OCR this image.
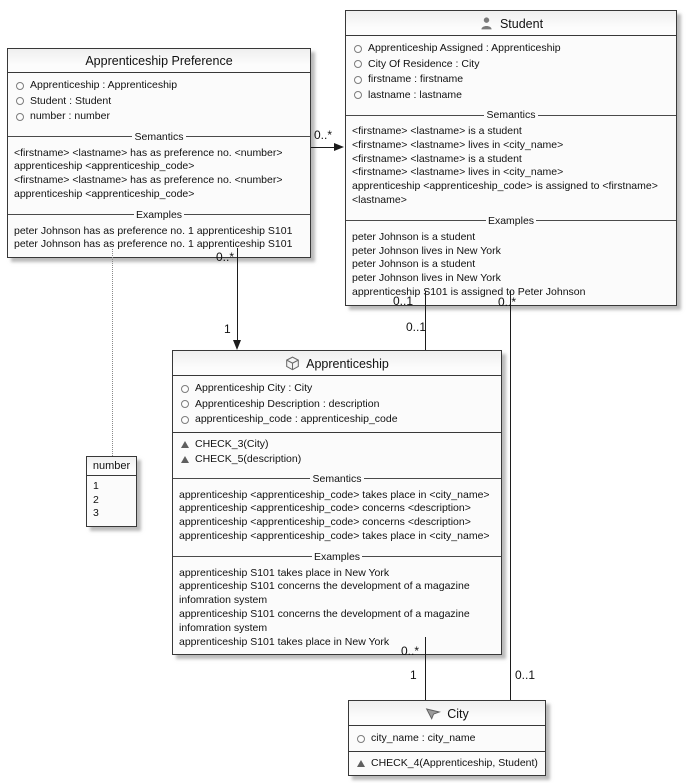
Apprenticeship Preference
Apprenticeship : Apprenticeship
Student : Student
number : number
Semantics
<firstname> <lastname> has as preference no. <number> apprenticeship <apprenticeship_code>
<firstname> <lastname> has as preference no. <number> apprenticeship <apprenticeship_code>
Examples
peter Johnson has as preference no. 1 apprenticeship S101
peter Johnson has as preference no. 1 apprenticeship S101
Student
Apprenticeship Assigned : Apprenticeship
City Of Residence : City
firstname : firstname
lastname : lastname
Semantics
<firstname> <lastname> is a student
<firstname> <lastname> lives in <city_name>
<firstname> <lastname> is a student
<firstname> <lastname> lives in <city_name>
apprenticeship <apprenticeship_code> is assigned to <firstname> <lastname>
Examples
peter Johnson is a student
peter Johnson lives in New York
peter Johnson is a student
peter Johnson lives in New York
apprenticeship S101 is assigned to Peter Johnson
Apprenticeship
Apprenticeship City : City
Apprenticeship Description : description
apprenticeship_code : apprenticeship_code
CHECK_3(City)
CHECK_5(description)
Semantics
apprenticeship <apprenticeship_code> takes place in <city_name>
apprenticeship <apprenticeship_code> concerns <description>
apprenticeship <apprenticeship_code> concerns <description>
apprenticeship <apprenticeship_code> takes place in <city_name>
Examples
apprenticeship S101 takes place in New York
apprenticeship S101 concerns the development of a magazine infomration system
apprenticeship S101 concerns the development of a magazine infomration system
apprenticeship S101 takes place in New York
number
1
2
3
City
city_name : city_name
CHECK_4(Apprenticeship, Student)
0..*
0..*
1
0..1
0..1
0..*
0..1
0..*
1
